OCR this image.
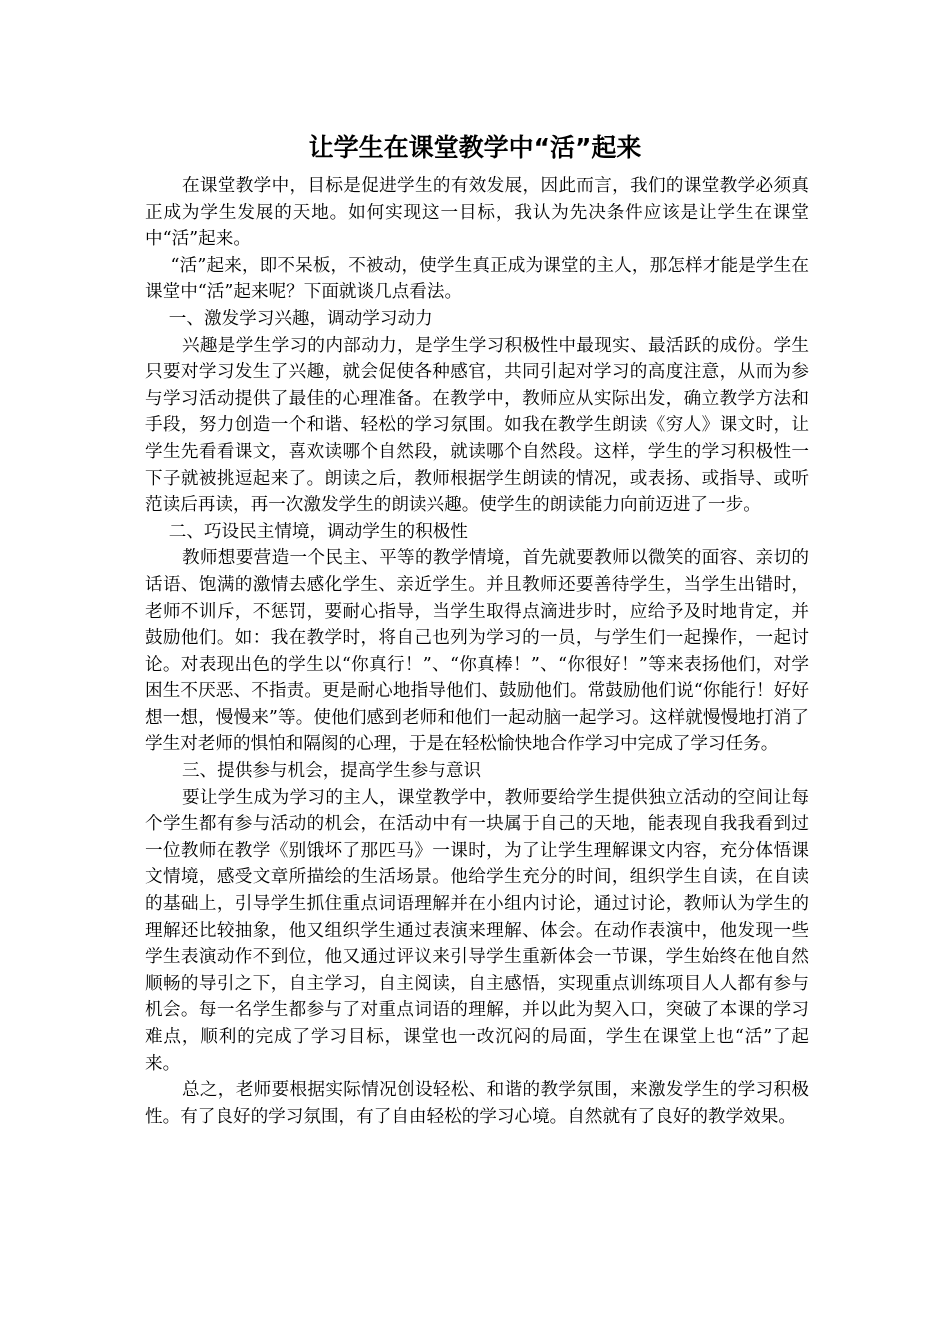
让学生在课堂教学中“活”起来

在课堂教学中，目标是促进学生的有效发展，因此而言，我们的课堂教学必须真正成为学生发展的天地。如何实现这一目标，我认为先决条件应该是让学生在课堂中“活”起来。

“活”起来，即不呆板，不被动，使学生真正成为课堂的主人，那怎样才能是学生在课堂中“活”起来呢？下面就谈几点看法。

一、激发学习兴趣，调动学习动力

兴趣是学生学习的内部动力，是学生学习积极性中最现实、最活跃的成份。学生只要对学习发生了兴趣，就会促使各种感官，共同引起对学习的高度注意，从而为参与学习活动提供了最佳的心理准备。在教学中，教师应从实际出发，确立教学方法和手段，努力创造一个和谐、轻松的学习氛围。如我在教学生朗读《穷人》课文时，让学生先看看课文，喜欢读哪个自然段，就读哪个自然段。这样，学生的学习积极性一下子就被挑逗起来了。朗读之后，教师根据学生朗读的情况，或表扬、或指导、或听范读后再读，再一次激发学生的朗读兴趣。使学生的朗读能力向前迈进了一步。

二、巧设民主情境，调动学生的积极性

教师想要营造一个民主、平等的教学情境，首先就要教师以微笑的面容、亲切的话语、饱满的激情去感化学生、亲近学生。并且教师还要善待学生，当学生出错时，老师不训斥，不惩罚，要耐心指导，当学生取得点滴进步时，应给予及时地肯定，并鼓励他们。如：我在教学时，将自己也列为学习的一员，与学生们一起操作，一起讨论。对表现出色的学生以“你真行！”、“你真棒！”、“你很好！”等来表扬他们，对学困生不厌恶、不指责。更是耐心地指导他们、鼓励他们。常鼓励他们说“你能行！好好想一想，慢慢来”等。使他们感到老师和他们一起动脑一起学习。这样就慢慢地打消了学生对老师的惧怕和隔阂的心理，于是在轻松愉快地合作学习中完成了学习任务。

三、提供参与机会，提高学生参与意识

要让学生成为学习的主人，课堂教学中，教师要给学生提供独立活动的空间让每个学生都有参与活动的机会，在活动中有一块属于自己的天地，能表现自我我看到过一位教师在教学《别饿坏了那匹马》一课时，为了让学生理解课文内容，充分体悟课文情境，感受文章所描绘的生活场景。他给学生充分的时间，组织学生自读，在自读的基础上，引导学生抓住重点词语理解并在小组内讨论，通过讨论，教师认为学生的理解还比较抽象，他又组织学生通过表演来理解、体会。在动作表演中，他发现一些学生表演动作不到位，他又通过评议来引导学生重新体会一节课，学生始终在他自然顺畅的导引之下，自主学习，自主阅读，自主感悟，实现重点训练项目人人都有参与机会。每一名学生都参与了对重点词语的理解，并以此为契入口，突破了本课的学习难点，顺利的完成了学习目标，课堂也一改沉闷的局面，学生在课堂上也“活”了起来。

总之，老师要根据实际情况创设轻松、和谐的教学氛围，来激发学生的学习积极性。有了良好的学习氛围，有了自由轻松的学习心境。自然就有了良好的教学效果。
